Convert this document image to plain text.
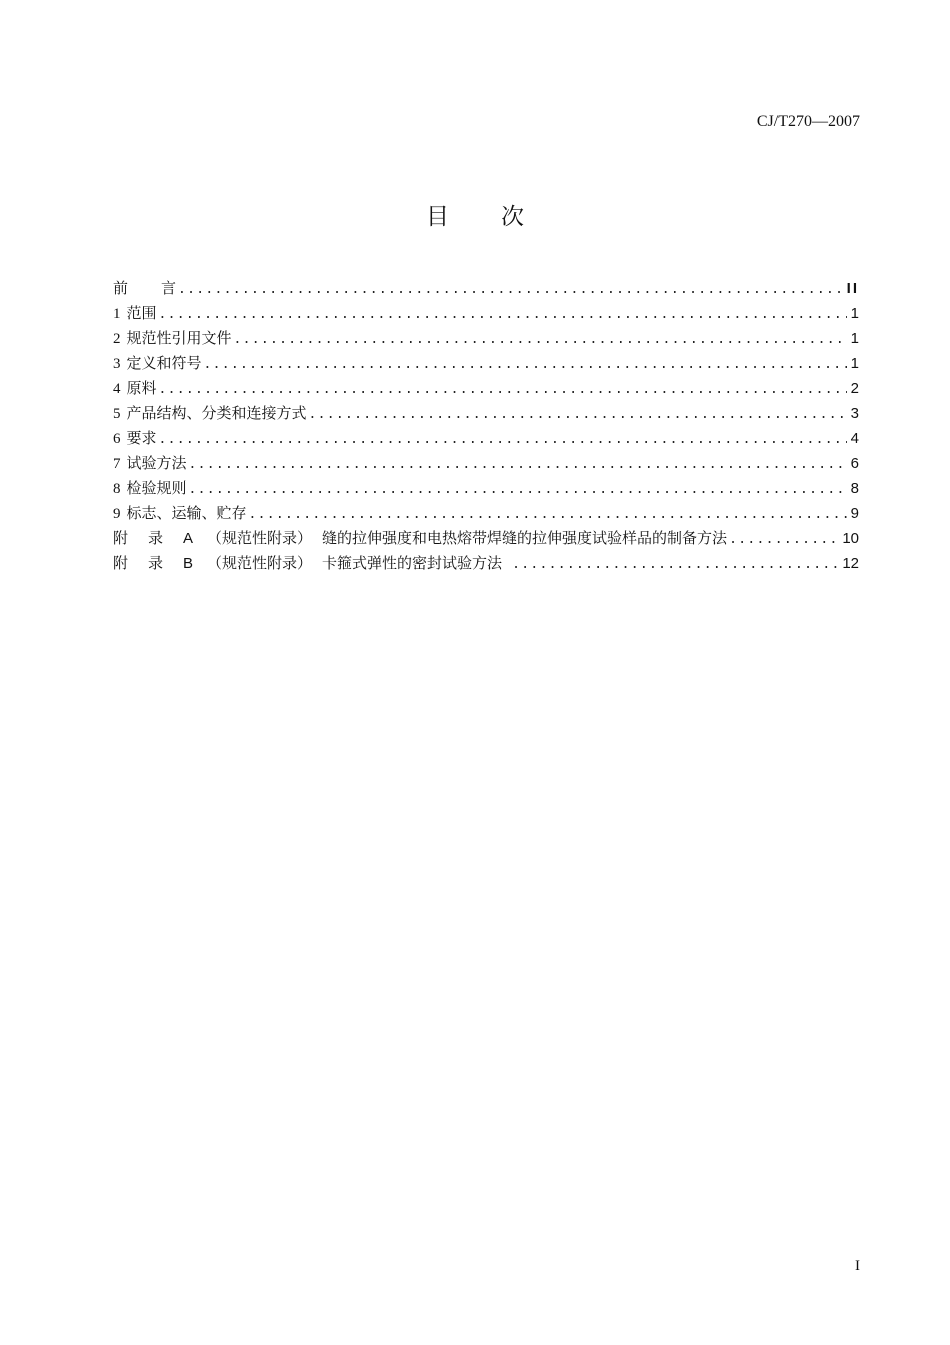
CJ/T270—2007
目 次
前 言 .....	II
1 范围 .....	1
2 规范性引用文件 .....	1
3 定义和符号 .....	1
4 原料 .....	2
5 产品结构、分类和连接方式 .....	3
6 要求 .....	4
7 试验方法 .....	6
8 检验规则 .....	8
9 标志、运输、贮存 .....	9
附录A （规范性附录） 缝的拉伸强度和电热熔带焊缝的拉伸强度试验样品的制备方法 .....	10
附录B （规范性附录） 卡箍式弹性的密封试验方法 .....	12
I
